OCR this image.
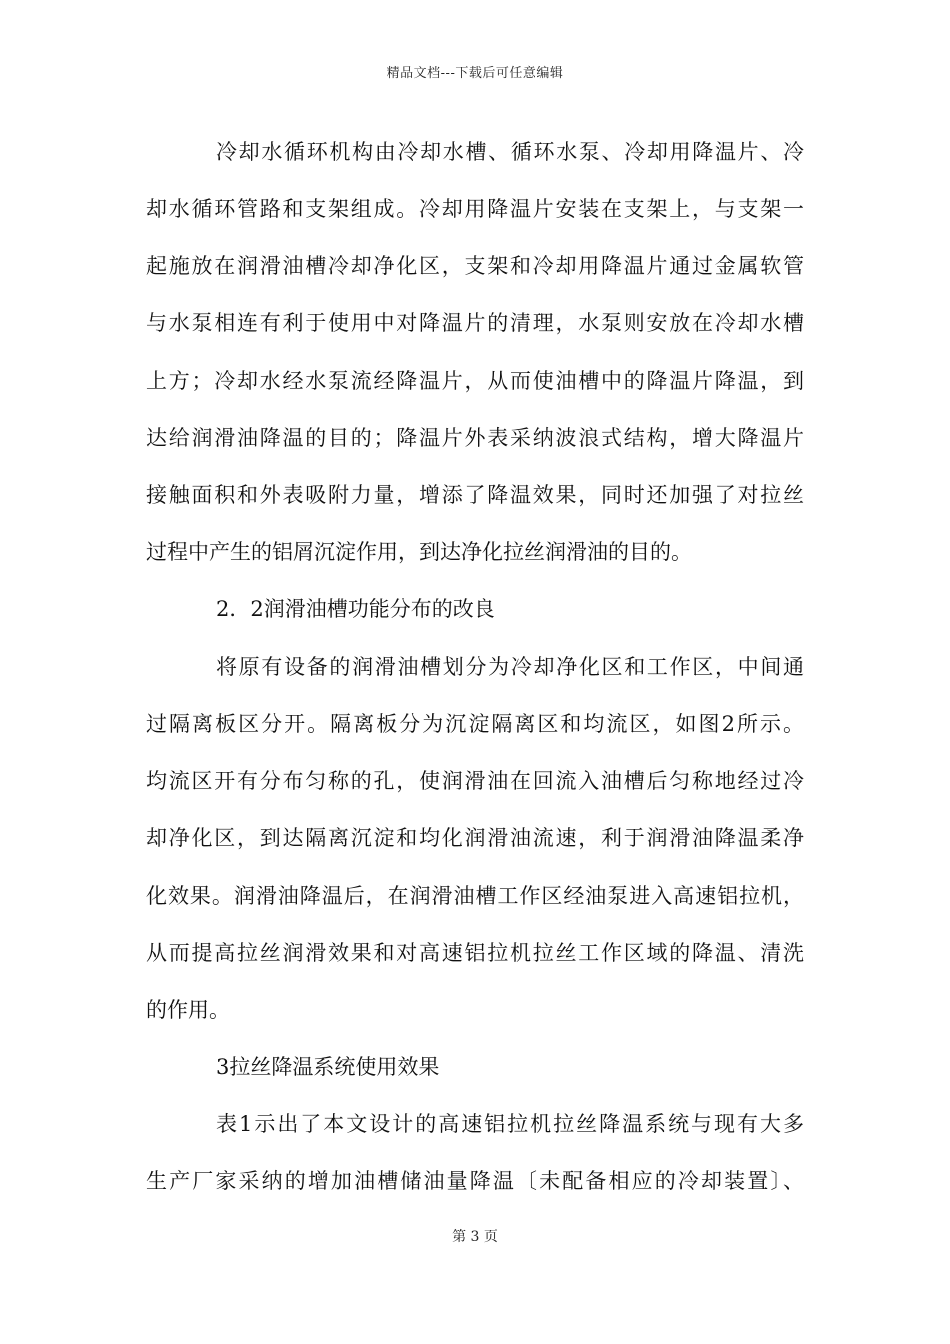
精品文档---下载后可任意编辑
冷却水循环机构由冷却水槽、循环水泵、冷却用降温片、冷
却水循环管路和支架组成。冷却用降温片安装在支架上，与支架一
起施放在润滑油槽冷却净化区，支架和冷却用降温片通过金属软管
与水泵相连有利于使用中对降温片的清理，水泵则安放在冷却水槽
上方；冷却水经水泵流经降温片，从而使油槽中的降温片降温，到
达给润滑油降温的目的；降温片外表采纳波浪式结构，增大降温片
接触面积和外表吸附力量，增添了降温效果，同时还加强了对拉丝
过程中产生的铝屑沉淀作用，到达净化拉丝润滑油的目的。
2．2润滑油槽功能分布的改良
将原有设备的润滑油槽划分为冷却净化区和工作区，中间通
过隔离板区分开。隔离板分为沉淀隔离区和均流区，如图2所示。
均流区开有分布匀称的孔，使润滑油在回流入油槽后匀称地经过冷
却净化区，到达隔离沉淀和均化润滑油流速，利于润滑油降温柔净
化效果。润滑油降温后，在润滑油槽工作区经油泵进入高速铝拉机，
从而提高拉丝润滑效果和对高速铝拉机拉丝工作区域的降温、清洗
的作用。
3拉丝降温系统使用效果
表1示出了本文设计的高速铝拉机拉丝降温系统与现有大多
生产厂家采纳的增加油槽储油量降温〔未配备相应的冷却装置〕、
第 3 页
